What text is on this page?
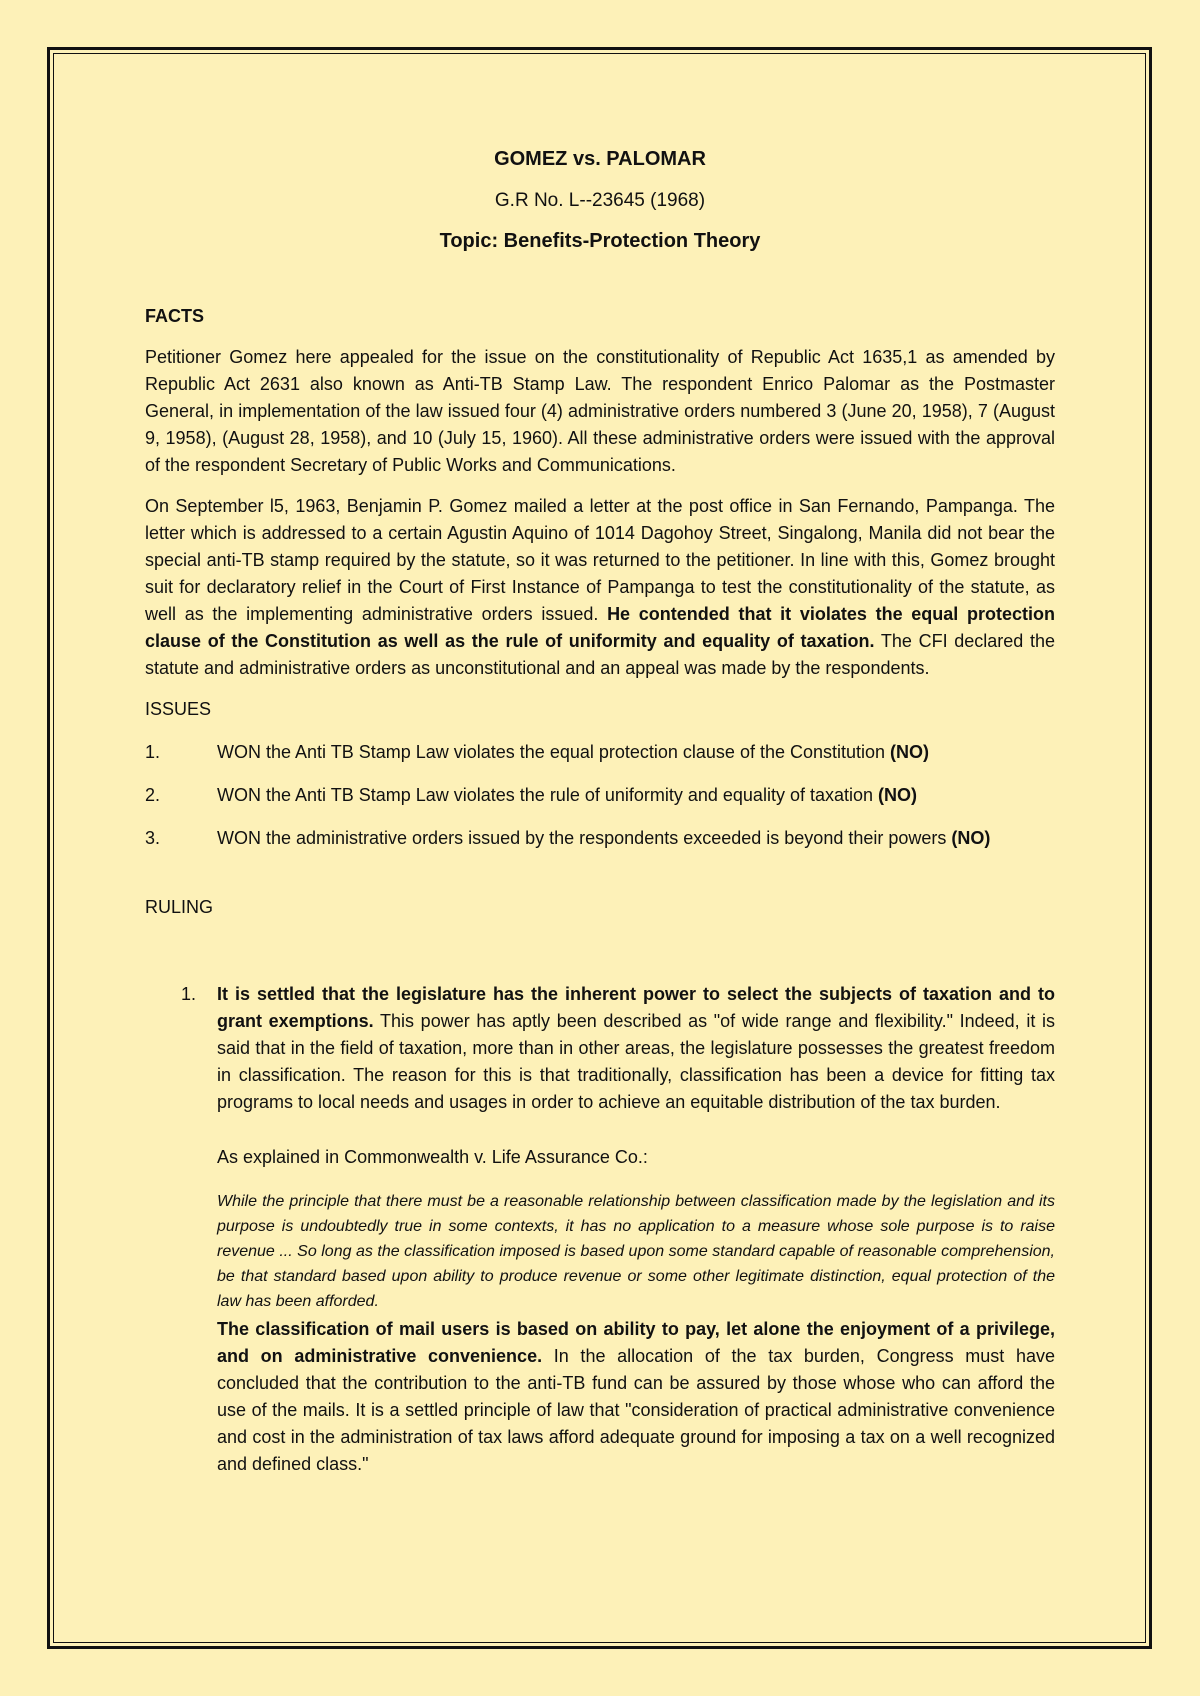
GOMEZ vs. PALOMAR

G.R No. L--23645 (1968)

Topic: Benefits-Protection Theory

FACTS

Petitioner Gomez here appealed for the issue on the constitutionality of Republic Act 1635,1 as amended by Republic Act 2631 also known as Anti-TB Stamp Law. The respondent Enrico Palomar as the Postmaster General, in implementation of the law issued four (4) administrative orders numbered 3 (June 20, 1958), 7 (August 9, 1958), (August 28, 1958), and 10 (July 15, 1960). All these administrative orders were issued with the approval of the respondent Secretary of Public Works and Communications.

On September l5, 1963, Benjamin P. Gomez mailed a letter at the post office in San Fernando, Pampanga. The letter which is addressed to a certain Agustin Aquino of 1014 Dagohoy Street, Singalong, Manila did not bear the special anti-TB stamp required by the statute, so it was returned to the petitioner. In line with this, Gomez brought suit for declaratory relief in the Court of First Instance of Pampanga to test the constitutionality of the statute, as well as the implementing administrative orders issued. He contended that it violates the equal protection clause of the Constitution as well as the rule of uniformity and equality of taxation. The CFI declared the statute and administrative orders as unconstitutional and an appeal was made by the respondents.

ISSUES

1.	WON the Anti TB Stamp Law violates the equal protection clause of the Constitution (NO)
2.	WON the Anti TB Stamp Law violates the rule of uniformity and equality of taxation (NO)
3.	WON the administrative orders issued by the respondents exceeded is beyond their powers (NO)

RULING

1. It is settled that the legislature has the inherent power to select the subjects of taxation and to grant exemptions. This power has aptly been described as "of wide range and flexibility." Indeed, it is said that in the field of taxation, more than in other areas, the legislature possesses the greatest freedom in classification. The reason for this is that traditionally, classification has been a device for fitting tax programs to local needs and usages in order to achieve an equitable distribution of the tax burden.

As explained in Commonwealth v. Life Assurance Co.:

While the principle that there must be a reasonable relationship between classification made by the legislation and its purpose is undoubtedly true in some contexts, it has no application to a measure whose sole purpose is to raise revenue ... So long as the classification imposed is based upon some standard capable of reasonable comprehension, be that standard based upon ability to produce revenue or some other legitimate distinction, equal protection of the law has been afforded.

The classification of mail users is based on ability to pay, let alone the enjoyment of a privilege, and on administrative convenience. In the allocation of the tax burden, Congress must have concluded that the contribution to the anti-TB fund can be assured by those whose who can afford the use of the mails. It is a settled principle of law that "consideration of practical administrative convenience and cost in the administration of tax laws afford adequate ground for imposing a tax on a well recognized and defined class."
